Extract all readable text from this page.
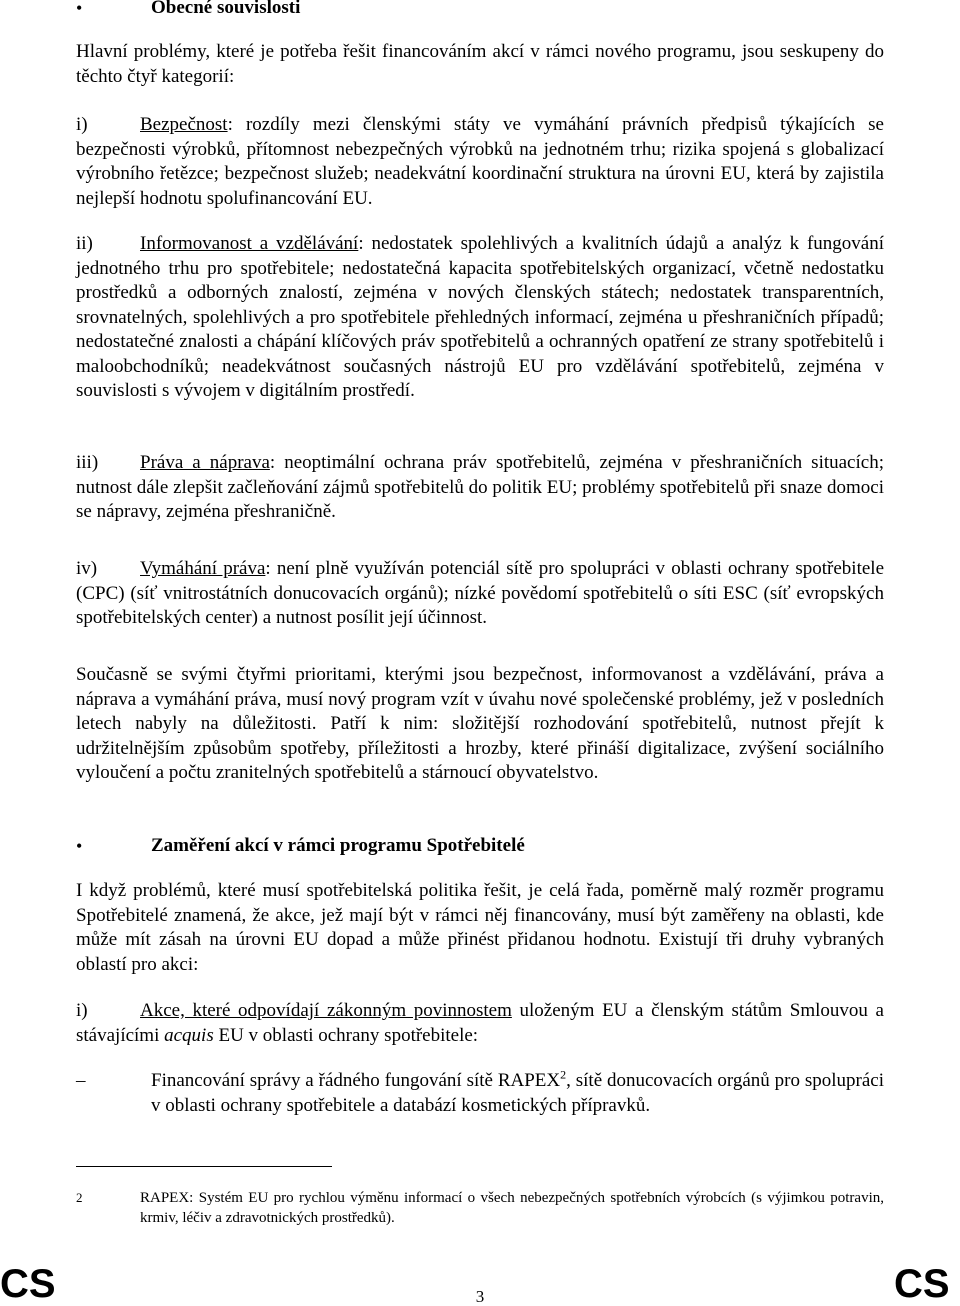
•	Obecné souvislosti

Hlavní problémy, které je potřeba řešit financováním akcí v rámci nového programu, jsou seskupeny do těchto čtyř kategorií:

i)	Bezpečnost: rozdíly mezi členskými státy ve vymáhání právních předpisů týkajících se bezpečnosti výrobků, přítomnost nebezpečných výrobků na jednotném trhu; rizika spojená s globalizací výrobního řetězce; bezpečnost služeb; neadekvátní koordinační struktura na úrovni EU, která by zajistila nejlepší hodnotu spolufinancování EU.

ii) Informovanost a vzdělávání: nedostatek spolehlivých a kvalitních údajů a analýz k fungování jednotného trhu pro spotřebitele; nedostatečná kapacita spotřebitelských organizací, včetně nedostatku prostředků a odborných znalostí, zejména v nových členských státech; nedostatek transparentních, srovnatelných, spolehlivých a pro spotřebitele přehledných informací, zejména u přeshraničních případů; nedostatečné znalosti a chápání klíčových práv spotřebitelů a ochranných opatření ze strany spotřebitelů i maloobchodníků; neadekvátnost současných nástrojů EU pro vzdělávání spotřebitelů, zejména v souvislosti s vývojem v digitálním prostředí.

iii) Práva a náprava: neoptimální ochrana práv spotřebitelů, zejména v přeshraničních situacích; nutnost dále zlepšit začleňování zájmů spotřebitelů do politik EU; problémy spotřebitelů při snaze domoci se nápravy, zejména přeshraničně.

iv) Vymáhání práva: není plně využíván potenciál sítě pro spolupráci v oblasti ochrany spotřebitele (CPC) (síť vnitrostátních donucovacích orgánů); nízké povědomí spotřebitelů o síti ESC (síť evropských spotřebitelských center) a nutnost posílit její účinnost.

Současně se svými čtyřmi prioritami, kterými jsou bezpečnost, informovanost a vzdělávání, práva a náprava a vymáhání práva, musí nový program vzít v úvahu nové společenské problémy, jež v posledních letech nabyly na důležitosti. Patří k nim: složitější rozhodování spotřebitelů, nutnost přejít k udržitelnějším způsobům spotřeby, příležitosti a hrozby, které přináší digitalizace, zvýšení sociálního vyloučení a počtu zranitelných spotřebitelů a stárnoucí obyvatelstvo.

•	Zaměření akcí v rámci programu Spotřebitelé

I když problémů, které musí spotřebitelská politika řešit, je celá řada, poměrně malý rozměr programu Spotřebitelé znamená, že akce, jež mají být v rámci něj financovány, musí být zaměřeny na oblasti, kde může mít zásah na úrovni EU dopad a může přinést přidanou hodnotu. Existují tři druhy vybraných oblastí pro akci:

i)	Akce, které odpovídají zákonným povinnostem uloženým EU a členským státům Smlouvou a stávajícími acquis EU v oblasti ochrany spotřebitele:

–	Financování správy a řádného fungování sítě RAPEX$^2$, sítě donucovacích orgánů pro spolupráci v oblasti ochrany spotřebitele a databází kosmetických přípravků.

2	RAPEX: Systém EU pro rychlou výměnu informací o všech nebezpečných spotřebních výrobcích (s výjimkou potravin, krmiv, léčiv a zdravotnických prostředků).
CS	3	CS
